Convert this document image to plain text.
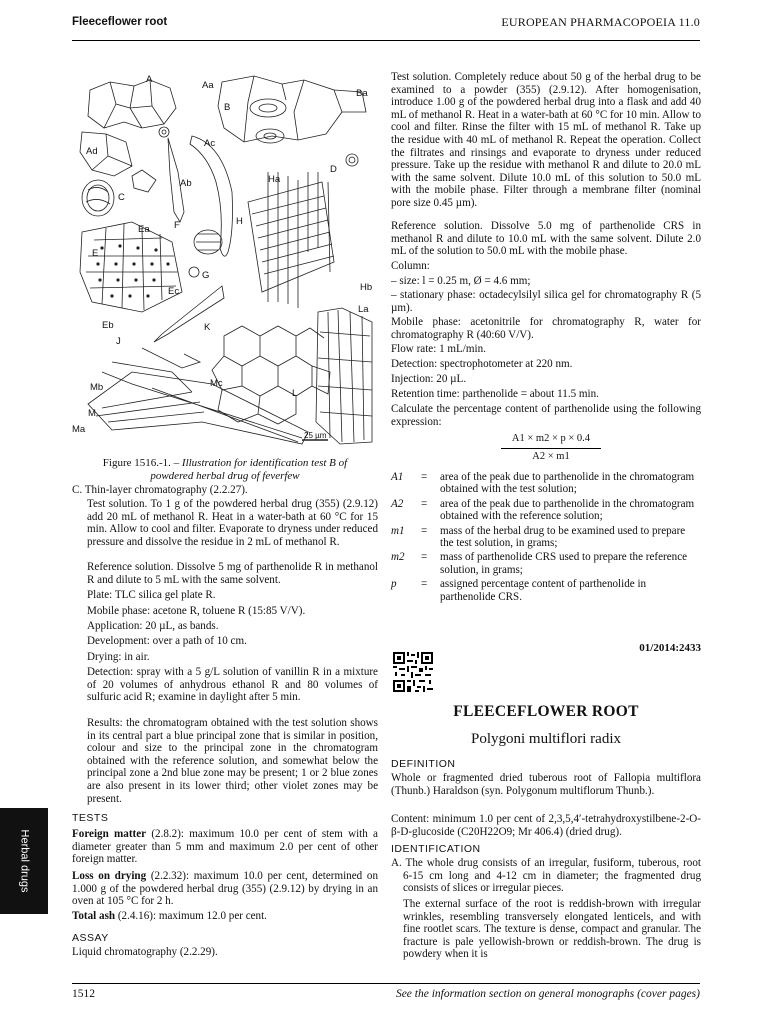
Fleeceflower root	EUROPEAN PHARMACOPOEIA 11.0
A
Aa
B
Ba
Ad
Ac
Ab
C
D
Ha
E
Ea	F	H
G
Ec	Hb
Eb	K
La
J
Mb	Mc
L
M
Ma
25 µm
Figure 1516.-1. – Illustration for identification test B of
powdered herbal drug of feverfew
C. Thin-layer chromatography (2.2.27).
Test solution. To 1 g of the powdered herbal drug (355) (2.9.12) add 20 mL of methanol R. Heat in a water-bath at 60 °C for 15 min. Allow to cool and filter. Evaporate to dryness under reduced pressure and dissolve the residue in 2 mL of methanol R.
Reference solution. Dissolve 5 mg of parthenolide R in methanol R and dilute to 5 mL with the same solvent.
Plate: TLC silica gel plate R.
Mobile phase: acetone R, toluene R (15:85 V/V).
Application: 20 µL, as bands.
Development: over a path of 10 cm.
Drying: in air.
Detection: spray with a 5 g/L solution of vanillin R in a mixture of 20 volumes of anhydrous ethanol R and 80 volumes of sulfuric acid R; examine in daylight after 5 min.
Results: the chromatogram obtained with the test solution shows in its central part a blue principal zone that is similar in position, colour and size to the principal zone in the chromatogram obtained with the reference solution, and somewhat below the principal zone a 2nd blue zone may be present; 1 or 2 blue zones are also present in its lower third; other violet zones may be present.
TESTS
Foreign matter (2.8.2): maximum 10.0 per cent of stem with a diameter greater than 5 mm and maximum 2.0 per cent of other foreign matter.
Loss on drying (2.2.32): maximum 10.0 per cent, determined on 1.000 g of the powdered herbal drug (355) (2.9.12) by drying in an oven at 105 °C for 2 h.
Total ash (2.4.16): maximum 12.0 per cent.
ASSAY
Liquid chromatography (2.2.29).
Test solution. Completely reduce about 50 g of the herbal drug to be examined to a powder (355) (2.9.12). After homogenisation, introduce 1.00 g of the powdered herbal drug into a flask and add 40 mL of methanol R. Heat in a water-bath at 60 °C for 10 min. Allow to cool and filter. Rinse the filter with 15 mL of methanol R. Take up the residue with 40 mL of methanol R. Repeat the operation. Collect the filtrates and rinsings and evaporate to dryness under reduced pressure. Take up the residue with methanol R and dilute to 20.0 mL with the same solvent. Dilute 10.0 mL of this solution to 50.0 mL with the mobile phase. Filter through a membrane filter (nominal pore size 0.45 µm).
Reference solution. Dissolve 5.0 mg of parthenolide CRS in methanol R and dilute to 10.0 mL with the same solvent. Dilute 2.0 mL of the solution to 50.0 mL with the mobile phase.
Column:
– size: l = 0.25 m, Ø = 4.6 mm;
– stationary phase: octadecylsilyl silica gel for chromatography R (5 µm).
Mobile phase: acetonitrile for chromatography R, water for chromatography R (40:60 V/V).
Flow rate: 1 mL/min.
Detection: spectrophotometer at 220 nm.
Injection: 20 µL.
Retention time: parthenolide = about 11.5 min.
Calculate the percentage content of parthenolide using the following expression:
A1 × m2 × p × 0.4
A2 × m1
A1	=	area of the peak due to parthenolide in the chromatogram obtained with the test solution;
A2	=	area of the peak due to parthenolide in the chromatogram obtained with the reference solution;
m1	=	mass of the herbal drug to be examined used to prepare the test solution, in grams;
m2	=	mass of parthenolide CRS used to prepare the reference solution, in grams;
p	=	assigned percentage content of parthenolide in parthenolide CRS.
01/2014:2433
FLEECEFLOWER ROOT
Polygoni multiflori radix
DEFINITION
Whole or fragmented dried tuberous root of Fallopia multiflora (Thunb.) Haraldson (syn. Polygonum multiflorum Thunb.).
Content: minimum 1.0 per cent of 2,3,5,4′-tetrahydroxystilbene-2-O-β-D-glucoside (C20H22O9; Mr 406.4) (dried drug).
IDENTIFICATION
A. The whole drug consists of an irregular, fusiform, tuberous, root 6-15 cm long and 4-12 cm in diameter; the fragmented drug consists of slices or irregular pieces.
The external surface of the root is reddish-brown with irregular wrinkles, resembling transversely elongated lenticels, and with fine rootlet scars. The texture is dense, compact and granular. The fracture is pale yellowish-brown or reddish-brown. The drug is powdery when it is
Herbal drugs
1512	See the information section on general monographs (cover pages)
